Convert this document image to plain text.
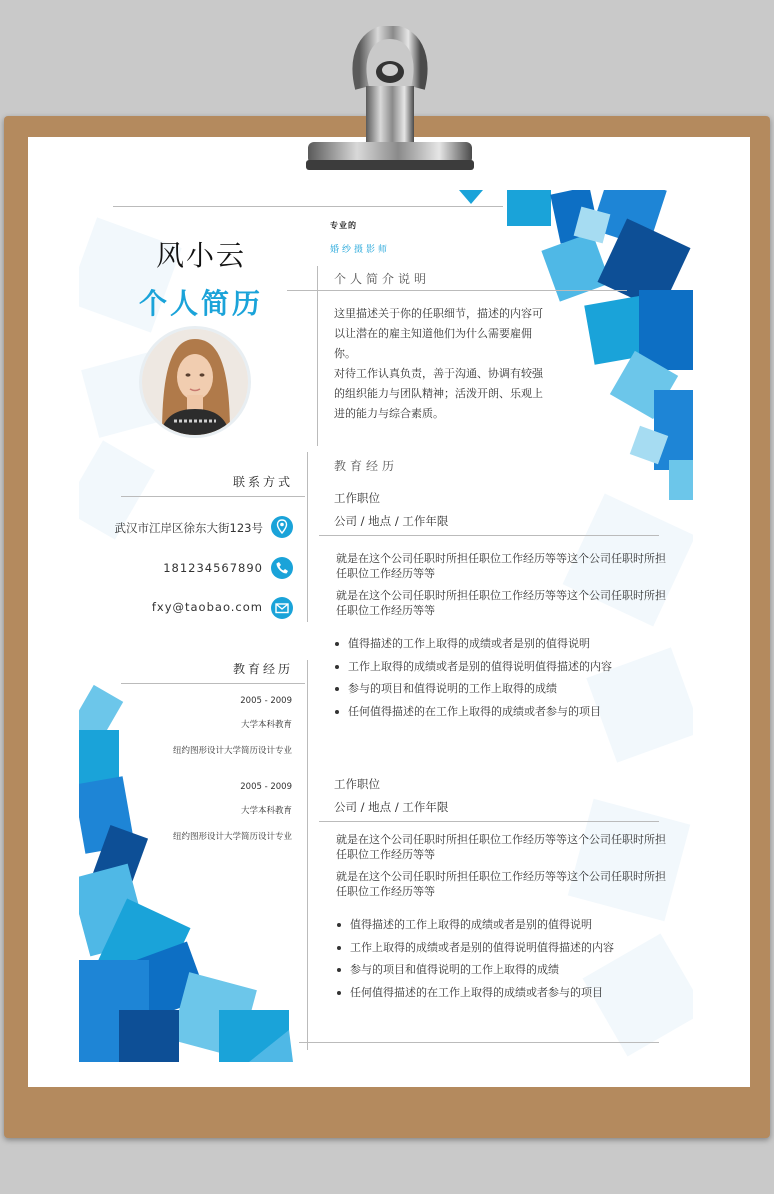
风小云
个人简历
专业的
婚纱摄影师
个人简介说明
这里描述关于你的任职细节，描述的内容可
以让潜在的雇主知道他们为什么需要雇佣
你。
对待工作认真负责，善于沟通、协调有较强
的组织能力与团队精神；活泼开朗、乐观上
进的能力与综合素质。
联系方式
武汉市江岸区徐东大街123号
181234567890
fxy@taobao.com
教育经历
2005 - 2009
大学本科教育
纽约图形设计大学简历设计专业
2005 - 2009
大学本科教育
纽约图形设计大学简历设计专业
教育经历
工作职位
公司 / 地点 / 工作年限

就是在这个公司任职时所担任职位工作经历等等这个公司任职时所担任职位工作经历等等

就是在这个公司任职时所担任职位工作经历等等这个公司任职时所担任职位工作经历等等

值得描述的工作上取得的成绩或者是别的值得说明
工作上取得的成绩或者是别的值得说明值得描述的内容
参与的项目和值得说明的工作上取得的成绩
任何值得描述的在工作上取得的成绩或者参与的项目
工作职位
公司 / 地点 / 工作年限

就是在这个公司任职时所担任职位工作经历等等这个公司任职时所担任职位工作经历等等

就是在这个公司任职时所担任职位工作经历等等这个公司任职时所担任职位工作经历等等

值得描述的工作上取得的成绩或者是别的值得说明
工作上取得的成绩或者是别的值得说明值得描述的内容
参与的项目和值得说明的工作上取得的成绩
任何值得描述的在工作上取得的成绩或者参与的项目
